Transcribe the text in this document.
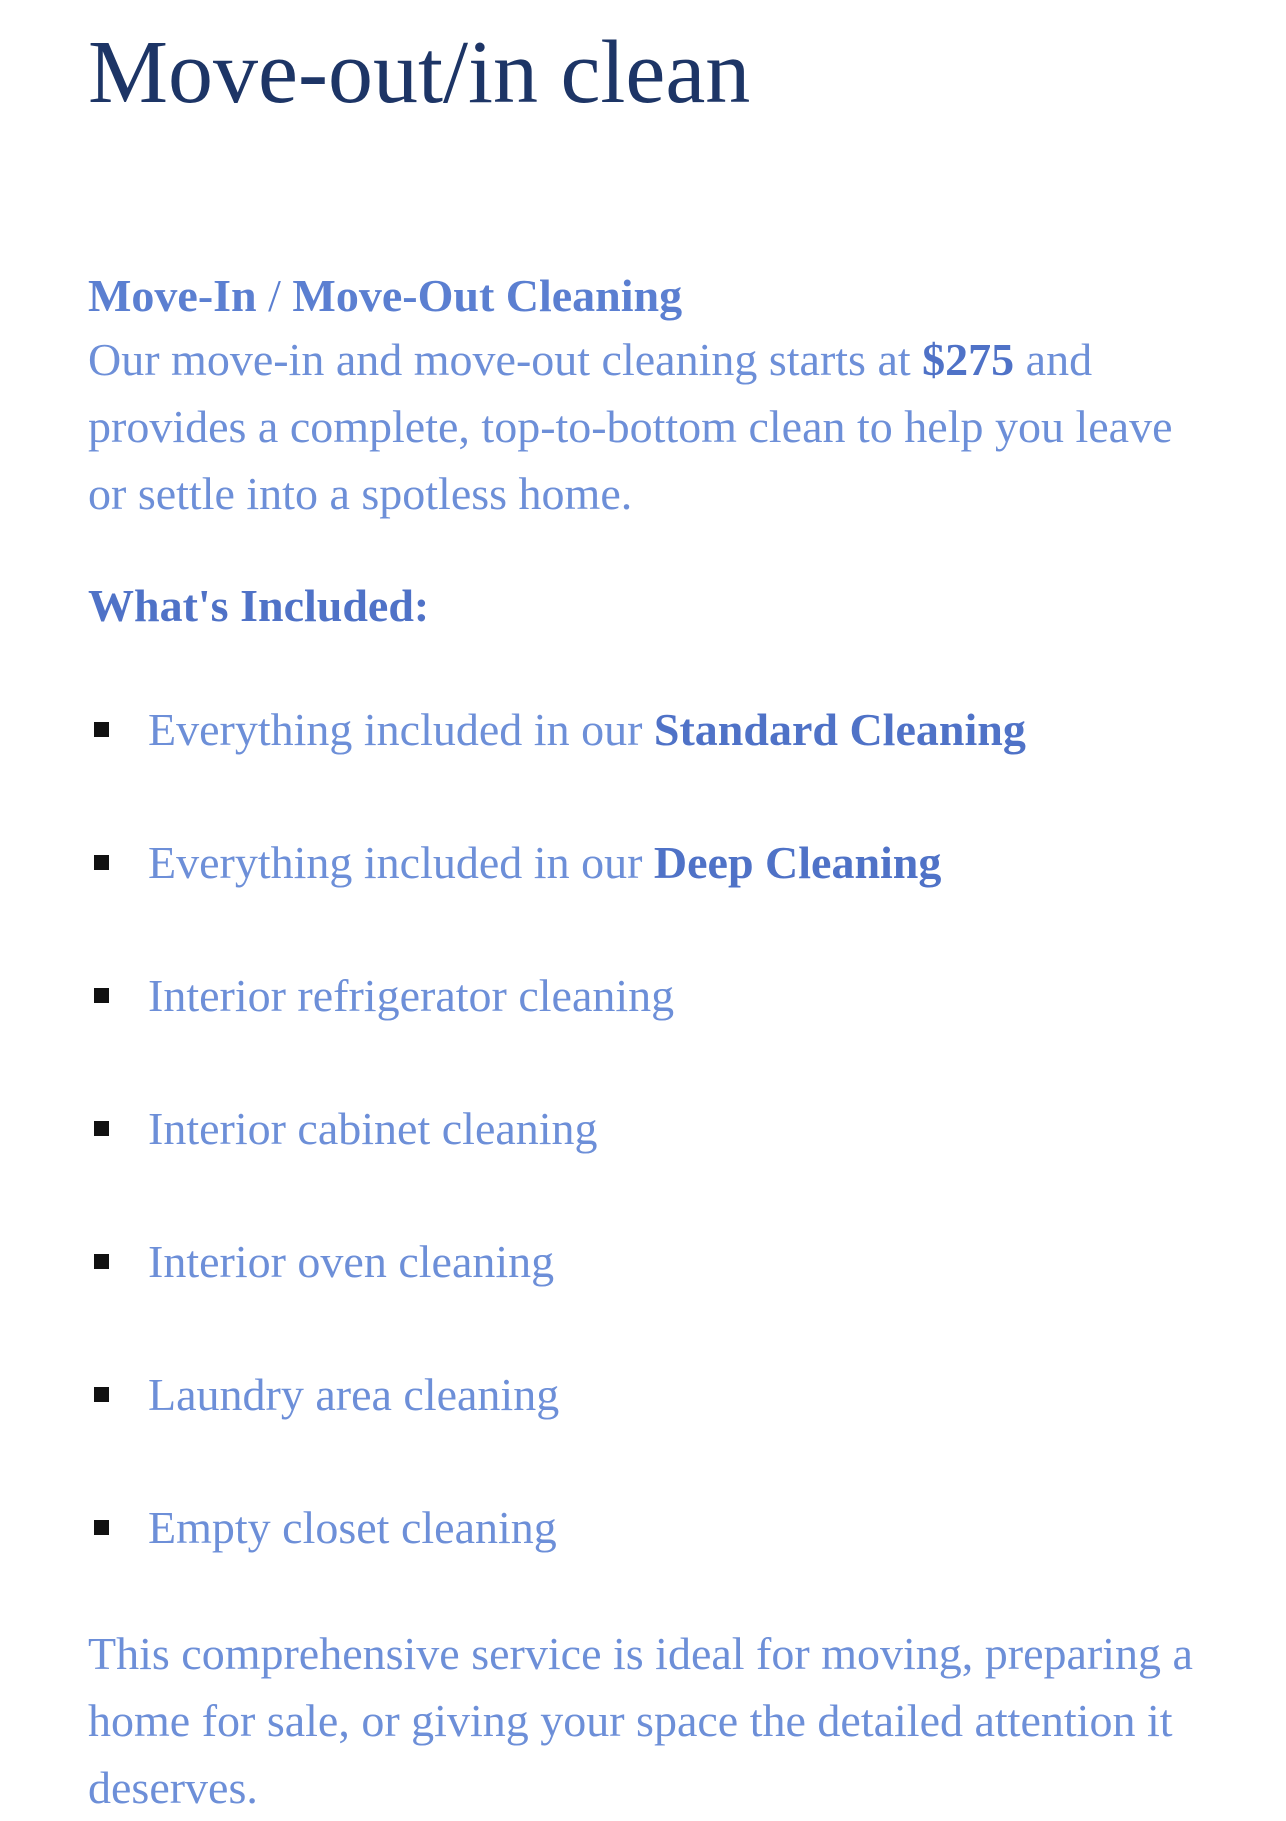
Move-out/in clean
Move-In / Move-Out Cleaning

Our move-in and move-out cleaning starts at $275 and provides a complete, top-to-bottom clean to help you leave or settle into a spotless home.

What's Included:
Everything included in our Standard Cleaning
Everything included in our Deep Cleaning
Interior refrigerator cleaning
Interior cabinet cleaning
Interior oven cleaning
Laundry area cleaning
Empty closet cleaning

This comprehensive service is ideal for moving, preparing a home for sale, or giving your space the detailed attention it deserves.
